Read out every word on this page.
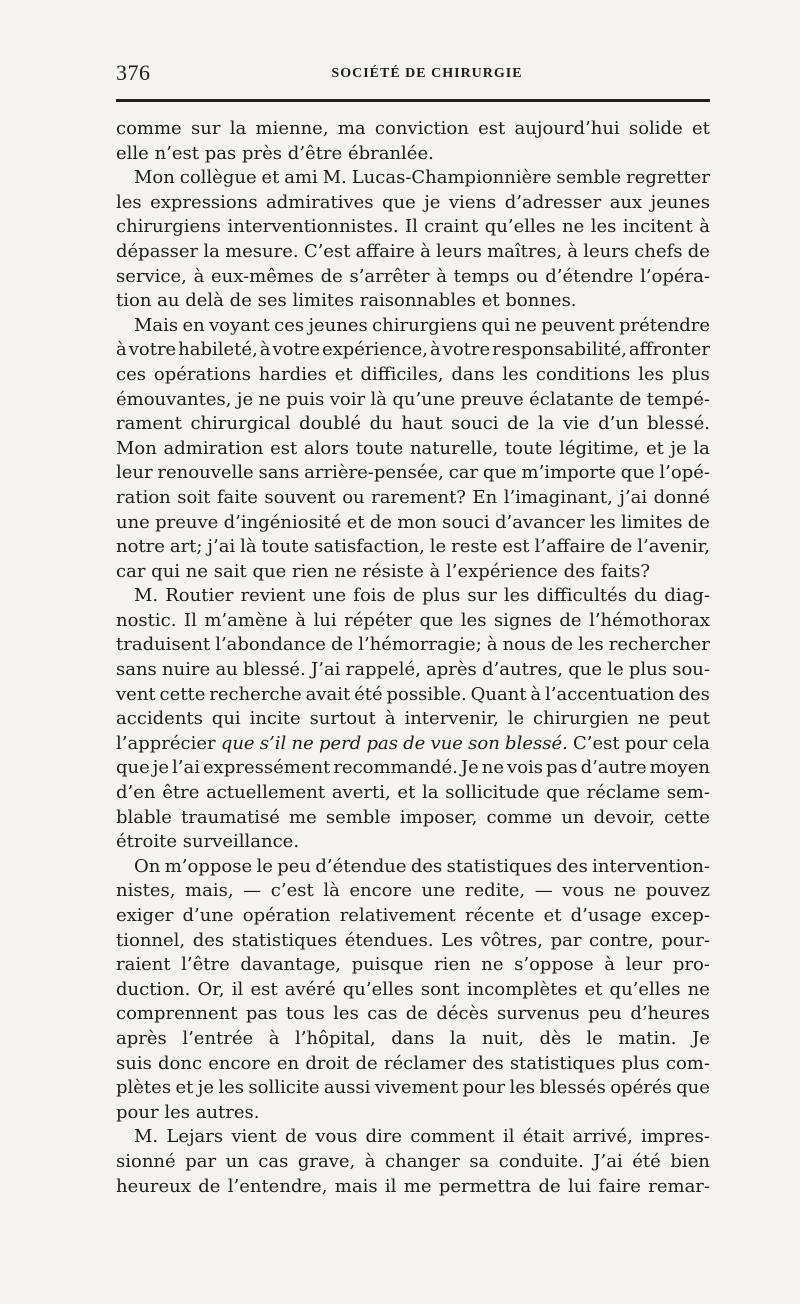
376	SOCIÉTÉ DE CHIRURGIE
comme sur la mienne, ma conviction est aujourd’hui solide et
elle n’est pas près d’être ébranlée.
Mon collègue et ami M. Lucas-Championnière semble regretter
les expressions admiratives que je viens d’adresser aux jeunes
chirurgiens interventionnistes. Il craint qu’elles ne les incitent à
dépasser la mesure. C’est affaire à leurs maîtres, à leurs chefs de
service, à eux-mêmes de s’arrêter à temps ou d’étendre l’opéra-
tion au delà de ses limites raisonnables et bonnes.
Mais en voyant ces jeunes chirurgiens qui ne peuvent prétendre
à votre habileté, à votre expérience, à votre responsabilité, affronter
ces opérations hardies et difficiles, dans les conditions les plus
émouvantes, je ne puis voir là qu’une preuve éclatante de tempé-
rament chirurgical doublé du haut souci de la vie d’un blessé.
Mon admiration est alors toute naturelle, toute légitime, et je la
leur renouvelle sans arrière-pensée, car que m’importe que l’opé-
ration soit faite souvent ou rarement? En l’imaginant, j’ai donné
une preuve d’ingéniosité et de mon souci d’avancer les limites de
notre art; j’ai là toute satisfaction, le reste est l’affaire de l’avenir,
car qui ne sait que rien ne résiste à l’expérience des faits?
M. Routier revient une fois de plus sur les difficultés du diag-
nostic. Il m’amène à lui répéter que les signes de l’hémothorax
traduisent l’abondance de l’hémorragie; à nous de les rechercher
sans nuire au blessé. J’ai rappelé, après d’autres, que le plus sou-
vent cette recherche avait été possible. Quant à l’accentuation des
accidents qui incite surtout à intervenir, le chirurgien ne peut
l’apprécier que s’il ne perd pas de vue son blessé. C’est pour cela
que je l’ai expressément recommandé. Je ne vois pas d’autre moyen
d’en être actuellement averti, et la sollicitude que réclame sem-
blable traumatisé me semble imposer, comme un devoir, cette
étroite surveillance.
On m’oppose le peu d’étendue des statistiques des intervention-
nistes, mais, — c’est là encore une redite, — vous ne pouvez
exiger d’une opération relativement récente et d’usage excep-
tionnel, des statistiques étendues. Les vôtres, par contre, pour-
raient l’être davantage, puisque rien ne s’oppose à leur pro-
duction. Or, il est avéré qu’elles sont incomplètes et qu’elles ne
comprennent pas tous les cas de décès survenus peu d’heures
après l’entrée à l’hôpital, dans la nuit, dès le matin. Je
suis donc encore en droit de réclamer des statistiques plus com-
plètes et je les sollicite aussi vivement pour les blessés opérés que
pour les autres.
M. Lejars vient de vous dire comment il était arrivé, impres-
sionné par un cas grave, à changer sa conduite. J’ai été bien
heureux de l’entendre, mais il me permettra de lui faire remar-
